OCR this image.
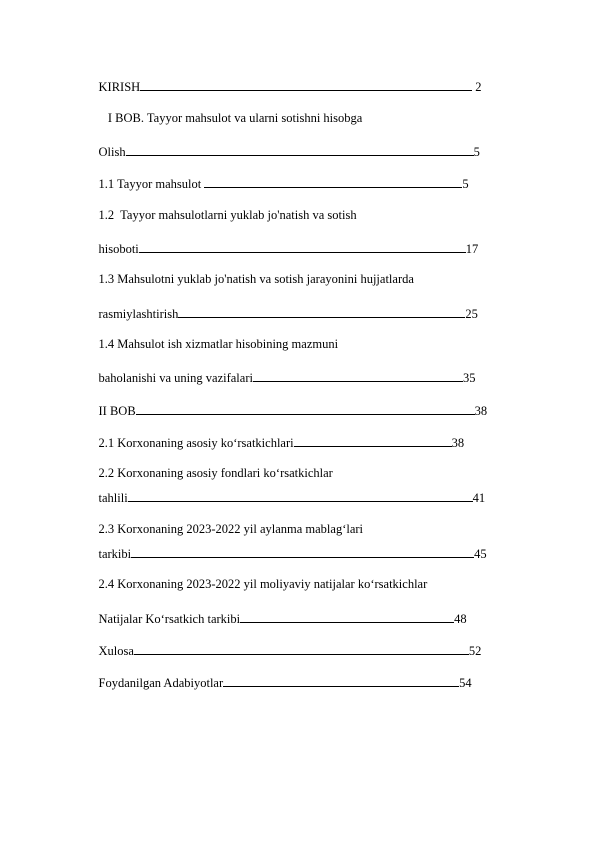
KIRISH	2

I BOB. Tayyor mahsulot va ularni sotishni hisobga

Olish	5

1.1 Tayyor mahsulot	5

1.2  Tayyor mahsulotlarni yuklab jo'natish va sotish

hisoboti	17

1.3 Mahsulotni yuklab jo'natish va sotish jarayonini hujjatlarda

rasmiylashtirish	25

1.4 Mahsulot ish xizmatlar hisobining mazmuni

baholanishi va uning vazifalari	35

II BOB	38

2.1 Korxonaning asosiy ko‘rsatkichlari	38

2.2 Korxonaning asosiy fondlari ko‘rsatkichlar

tahlili	41

2.3 Korxonaning 2023-2022 yil aylanma mablag‘lari

tarkibi	45

2.4 Korxonaning 2023-2022 yil moliyaviy natijalar ko‘rsatkichlar

Natijalar Ko‘rsatkich tarkibi	48

Xulosa	52

Foydanilgan Adabiyotlar	54
